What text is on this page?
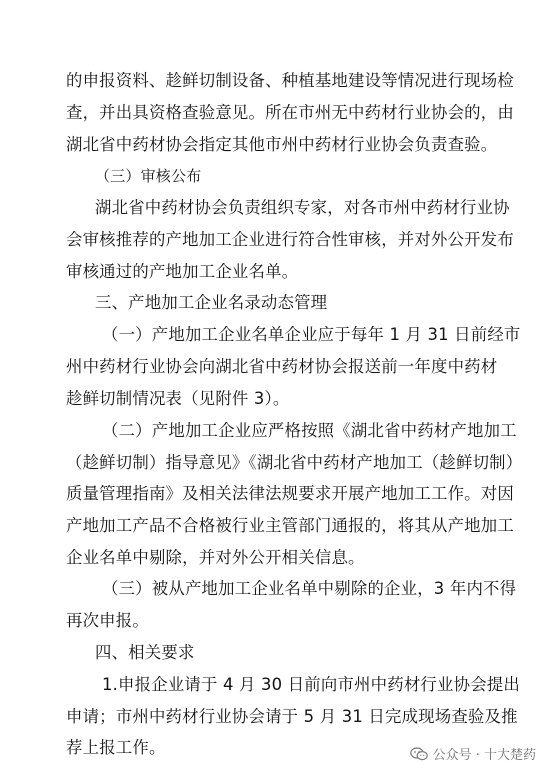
的申报资料、趁鲜切制设备、种植基地建设等情况进行现场检
查，并出具资格查验意见。所在市州无中药材行业协会的，由
湖北省中药材协会指定其他市州中药材行业协会负责查验。
（三）审核公布
湖北省中药材协会负责组织专家，对各市州中药材行业协
会审核推荐的产地加工企业进行符合性审核，并对外公开发布
审核通过的产地加工企业名单。
三、产地加工企业名录动态管理
（一）产地加工企业名单企业应于每年 1 月 31 日前经市
州中药材行业协会向湖北省中药材协会报送前一年度中药材
趁鲜切制情况表（见附件 3）。
（二）产地加工企业应严格按照《湖北省中药材产地加工
（趁鲜切制）指导意见》《湖北省中药材产地加工（趁鲜切制）
质量管理指南》及相关法律法规要求开展产地加工工作。对因
产地加工产品不合格被行业主管部门通报的，将其从产地加工
企业名单中剔除，并对外公开相关信息。
（三）被从产地加工企业名单中剔除的企业，3 年内不得
再次申报。
四、相关要求
1.申报企业请于 4 月 30 日前向市州中药材行业协会提出
申请；市州中药材行业协会请于 5 月 31 日完成现场查验及推
荐上报工作。	公众号 · 十大楚药
